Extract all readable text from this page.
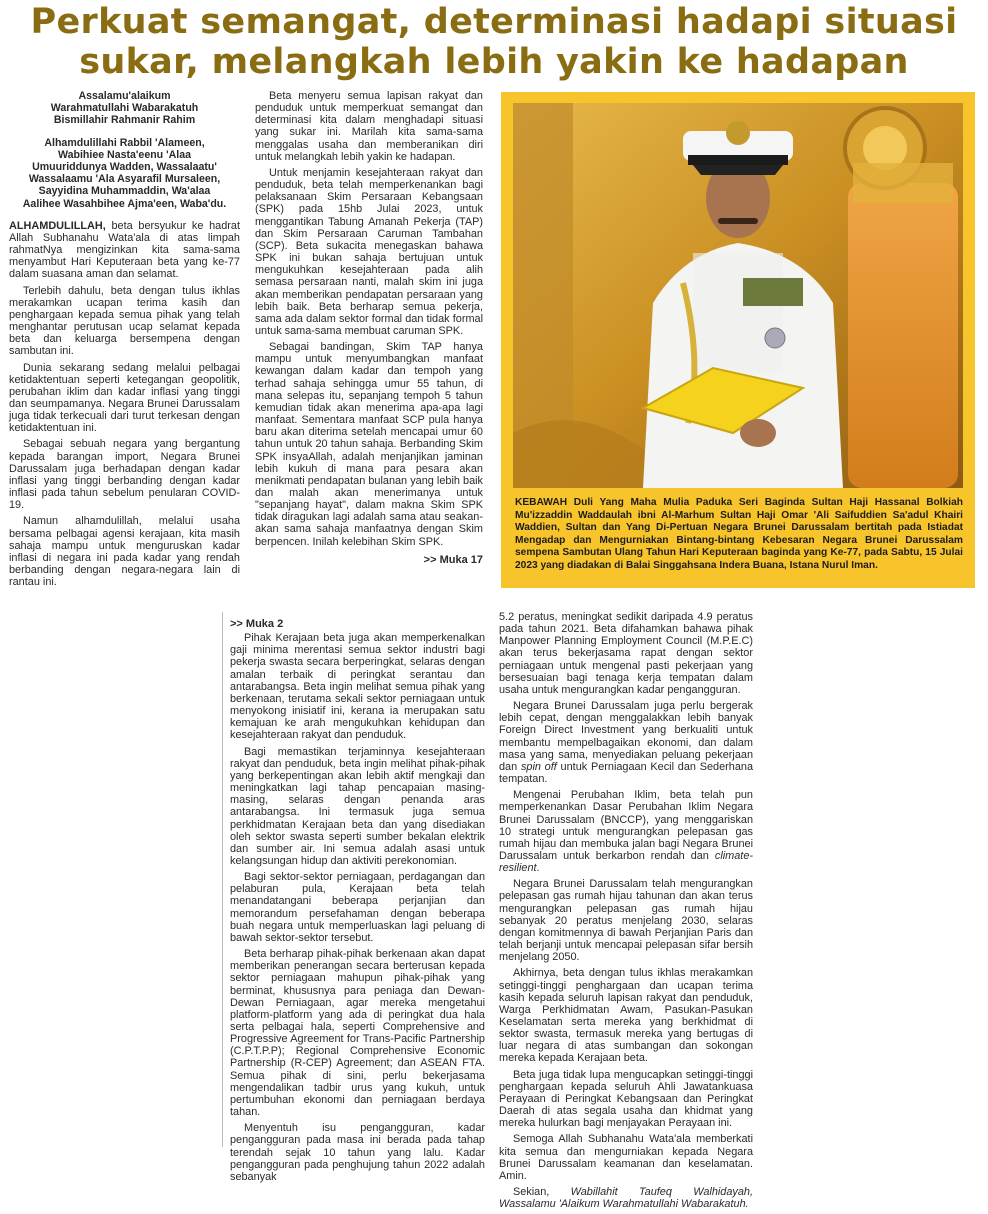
Perkuat semangat, determinasi hadapi situasi
sukar, melangkah lebih yakin ke hadapan
Assalamu'alaikum
Warahmatullahi Wabarakatuh
Bismillahir Rahmanir Rahim
Alhamdulillahi Rabbil 'Alameen,
Wabihiee Nasta'eenu 'Alaa
Umuuriddunya Wadden, Wassalaatu'
Wassalaamu 'Ala Asyarafil Mursaleen,
Sayyidina Muhammaddin, Wa'alaa
Aalihee Wasahbihee Ajma'een, Waba'du.

ALHAMDULILLAH, beta bersyukur ke hadrat Allah Subhanahu Wata'ala di atas limpah rahmatNya mengizinkan kita sama-sama menyambut Hari Keputeraan beta yang ke-77 dalam suasana aman dan selamat.

Terlebih dahulu, beta dengan tulus ikhlas merakamkan ucapan terima kasih dan penghargaan kepada semua pihak yang telah menghantar perutusan ucap selamat kepada beta dan keluarga bersempena dengan sambutan ini.

Dunia sekarang sedang melalui pelbagai ketidaktentuan seperti ketegangan geopolitik, perubahan iklim dan kadar inflasi yang tinggi dan seumpamanya. Negara Brunei Darussalam juga tidak terkecuali dari turut terkesan dengan ketidaktentuan ini.

Sebagai sebuah negara yang bergantung kepada barangan import, Negara Brunei Darussalam juga berhadapan dengan kadar inflasi yang tinggi berbanding dengan kadar inflasi pada tahun sebelum penularan COVID-19.

Namun alhamdulillah, melalui usaha bersama pelbagai agensi kerajaan, kita masih sahaja mampu untuk menguruskan kadar inflasi di negara ini pada kadar yang rendah berbanding dengan negara-negara lain di rantau ini.

Beta menyeru semua lapisan rakyat dan penduduk untuk memperkuat semangat dan determinasi kita dalam menghadapi situasi yang sukar ini. Marilah kita sama-sama menggalas usaha dan memberanikan diri untuk melangkah lebih yakin ke hadapan.

Untuk menjamin kesejahteraan rakyat dan penduduk, beta telah memperkenankan bagi pelaksanaan Skim Persaraan Kebangsaan (SPK) pada 15hb Julai 2023, untuk menggantikan Tabung Amanah Pekerja (TAP) dan Skim Persaraan Caruman Tambahan (SCP). Beta sukacita menegaskan bahawa SPK ini bukan sahaja bertujuan untuk mengukuhkan kesejahteraan pada alih semasa persaraan nanti, malah skim ini juga akan memberikan pendapatan persaraan yang lebih baik. Beta berharap semua pekerja, sama ada dalam sektor formal dan tidak formal untuk sama-sama membuat caruman SPK.

Sebagai bandingan, Skim TAP hanya mampu untuk menyumbangkan manfaat kewangan dalam kadar dan tempoh yang terhad sahaja sehingga umur 55 tahun, di mana selepas itu, sepanjang tempoh 5 tahun kemudian tidak akan menerima apa-apa lagi manfaat. Sementara manfaat SCP pula hanya baru akan diterima setelah mencapai umur 60 tahun untuk 20 tahun sahaja. Berbanding Skim SPK insyaAllah, adalah menjanjikan jaminan lebih kukuh di mana para pesara akan menikmati pendapatan bulanan yang lebih baik dan malah akan menerimanya untuk "sepanjang hayat", dalam makna Skim SPK tidak diragukan lagi adalah sama atau seakan-akan sama sahaja manfaatnya dengan Skim berpencen. Inilah kelebihan Skim SPK.

>> Muka 17
KEBAWAH Duli Yang Maha Mulia Paduka Seri Baginda Sultan Haji Hassanal Bolkiah Mu'izzaddin Waddaulah ibni Al-Marhum Sultan Haji Omar 'Ali Saifuddien Sa'adul Khairi Waddien, Sultan dan Yang Di-Pertuan Negara Brunei Darussalam bertitah pada Istiadat Mengadap dan Mengurniakan Bintang-bintang Kebesaran Negara Brunei Darussalam sempena Sambutan Ulang Tahun Hari Keputeraan baginda yang Ke-77, pada Sabtu, 15 Julai 2023 yang diadakan di Balai Singgahsana Indera Buana, Istana Nurul Iman.
>> Muka 2

Pihak Kerajaan beta juga akan memperkenalkan gaji minima merentasi semua sektor industri bagi pekerja swasta secara berperingkat, selaras dengan amalan terbaik di peringkat serantau dan antarabangsa. Beta ingin melihat semua pihak yang berkenaan, terutama sekali sektor perniagaan untuk menyokong inisiatif ini, kerana ia merupakan satu kemajuan ke arah mengukuhkan kehidupan dan kesejahteraan rakyat dan penduduk.

Bagi memastikan terjaminnya kesejahteraan rakyat dan penduduk, beta ingin melihat pihak-pihak yang berkepentingan akan lebih aktif mengkaji dan meningkatkan lagi tahap pencapaian masing-masing, selaras dengan penanda aras antarabangsa. Ini termasuk juga semua perkhidmatan Kerajaan beta dan yang disediakan oleh sektor swasta seperti sumber bekalan elektrik dan sumber air. Ini semua adalah asasi untuk kelangsungan hidup dan aktiviti perekonomian.

Bagi sektor-sektor perniagaan, perdagangan dan pelaburan pula, Kerajaan beta telah menandatangani beberapa perjanjian dan memorandum persefahaman dengan beberapa buah negara untuk memperluaskan lagi peluang di bawah sektor-sektor tersebut.

Beta berharap pihak-pihak berkenaan akan dapat memberikan penerangan secara berterusan kepada sektor perniagaan mahupun pihak-pihak yang berminat, khususnya para peniaga dan Dewan-Dewan Perniagaan, agar mereka mengetahui platform-platform yang ada di peringkat dua hala serta pelbagai hala, seperti Comprehensive and Progressive Agreement for Trans-Pacific Partnership (C.P.T.P.P); Regional Comprehensive Economic Partnership (R-CEP) Agreement; dan ASEAN FTA. Semua pihak di sini, perlu bekerjasama mengendalikan tadbir urus yang kukuh, untuk pertumbuhan ekonomi dan perniagaan berdaya tahan.

Menyentuh isu pengangguran, kadar pengangguran pada masa ini berada pada tahap terendah sejak 10 tahun yang lalu. Kadar pengangguran pada penghujung tahun 2022 adalah sebanyak

5.2 peratus, meningkat sedikit daripada 4.9 peratus pada tahun 2021. Beta difahamkan bahawa pihak Manpower Planning Employment Council (M.P.E.C) akan terus bekerjasama rapat dengan sektor perniagaan untuk mengenal pasti pekerjaan yang bersesuaian bagi tenaga kerja tempatan dalam usaha untuk mengurangkan kadar pengangguran.

Negara Brunei Darussalam juga perlu bergerak lebih cepat, dengan menggalakkan lebih banyak Foreign Direct Investment yang berkualiti untuk membantu mempelbagaikan ekonomi, dan dalam masa yang sama, menyediakan peluang pekerjaan dan spin off untuk Perniagaan Kecil dan Sederhana tempatan.

Mengenai Perubahan Iklim, beta telah pun memperkenankan Dasar Perubahan Iklim Negara Brunei Darussalam (BNCCP), yang menggariskan 10 strategi untuk mengurangkan pelepasan gas rumah hijau dan membuka jalan bagi Negara Brunei Darussalam untuk berkarbon rendah dan climate-resilient.

Negara Brunei Darussalam telah mengurangkan pelepasan gas rumah hijau tahunan dan akan terus mengurangkan pelepasan gas rumah hijau sebanyak 20 peratus menjelang 2030, selaras dengan komitmennya di bawah Perjanjian Paris dan telah berjanji untuk mencapai pelepasan sifar bersih menjelang 2050.

Akhirnya, beta dengan tulus ikhlas merakamkan setinggi-tinggi penghargaan dan ucapan terima kasih kepada seluruh lapisan rakyat dan penduduk, Warga Perkhidmatan Awam, Pasukan-Pasukan Keselamatan serta mereka yang berkhidmat di sektor swasta, termasuk mereka yang bertugas di luar negara di atas sumbangan dan sokongan mereka kepada Kerajaan beta.

Beta juga tidak lupa mengucapkan setinggi-tinggi penghargaan kepada seluruh Ahli Jawatankuasa Perayaan di Peringkat Kebangsaan dan Peringkat Daerah di atas segala usaha dan khidmat yang mereka hulurkan bagi menjayakan Perayaan ini.

Semoga Allah Subhanahu Wata'ala memberkati kita semua dan mengurniakan kepada Negara Brunei Darussalam keamanan dan keselamatan. Amin.

Sekian, Wabillahit Taufeq Walhidayah, Wassalamu 'Alaikum Warahmatullahi Wabarakatuh.
